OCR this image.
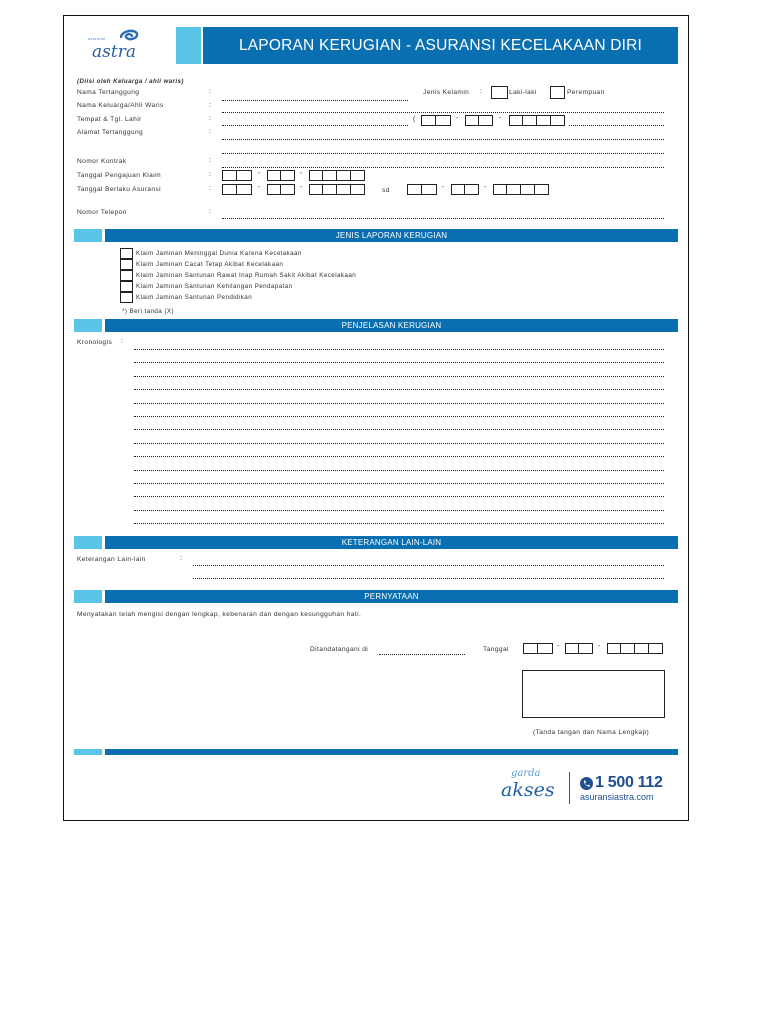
asuransi
astra	LAPORAN KERUGIAN - ASURANSI KECELAKAAN DIRI
(Diisi oleh Keluarga / ahli waris)
Nama Tertanggung	:	Jenis Kelamin :	Laki-laki	Perempuan
Nama Keluarga/Ahli Waris	:
Tempat & Tgl. Lahir	:	(	-	-
Alamat Tertanggung	:
Nomor Kontrak	:
Tanggal Pengajuan Klaim	:	-	-
Tanggal Berlaku Asuransi	:	-	-	sd	-	-
Nomor Telepon	:
JENIS LAPORAN KERUGIAN
Klaim Jaminan Meninggal Dunia Karena Kecelakaan
Klaim Jaminan Cacat Tetap Akibat Kecelakaan
Klaim Jaminan Santunan Rawat Inap Rumah Sakit Akibat Kecelakaan
Klaim Jaminan Santunan Kehilangan Pendapatan
Klaim Jaminan Santunan Pendidikan
*) Beri tanda (X)
PENJELASAN KERUGIAN
Kronologis :
KETERANGAN LAIN-LAIN
Keterangan Lain-lain	:
PERNYATAAN
Menyatakan telah mengisi dengan lengkap, kebenaran dan dengan kesungguhan hati.
Ditandatangani di	Tanggal	-	-
(Tanda tangan dan Nama Lengkap)
garda
akses	1 500 112
asuransiastra.com
